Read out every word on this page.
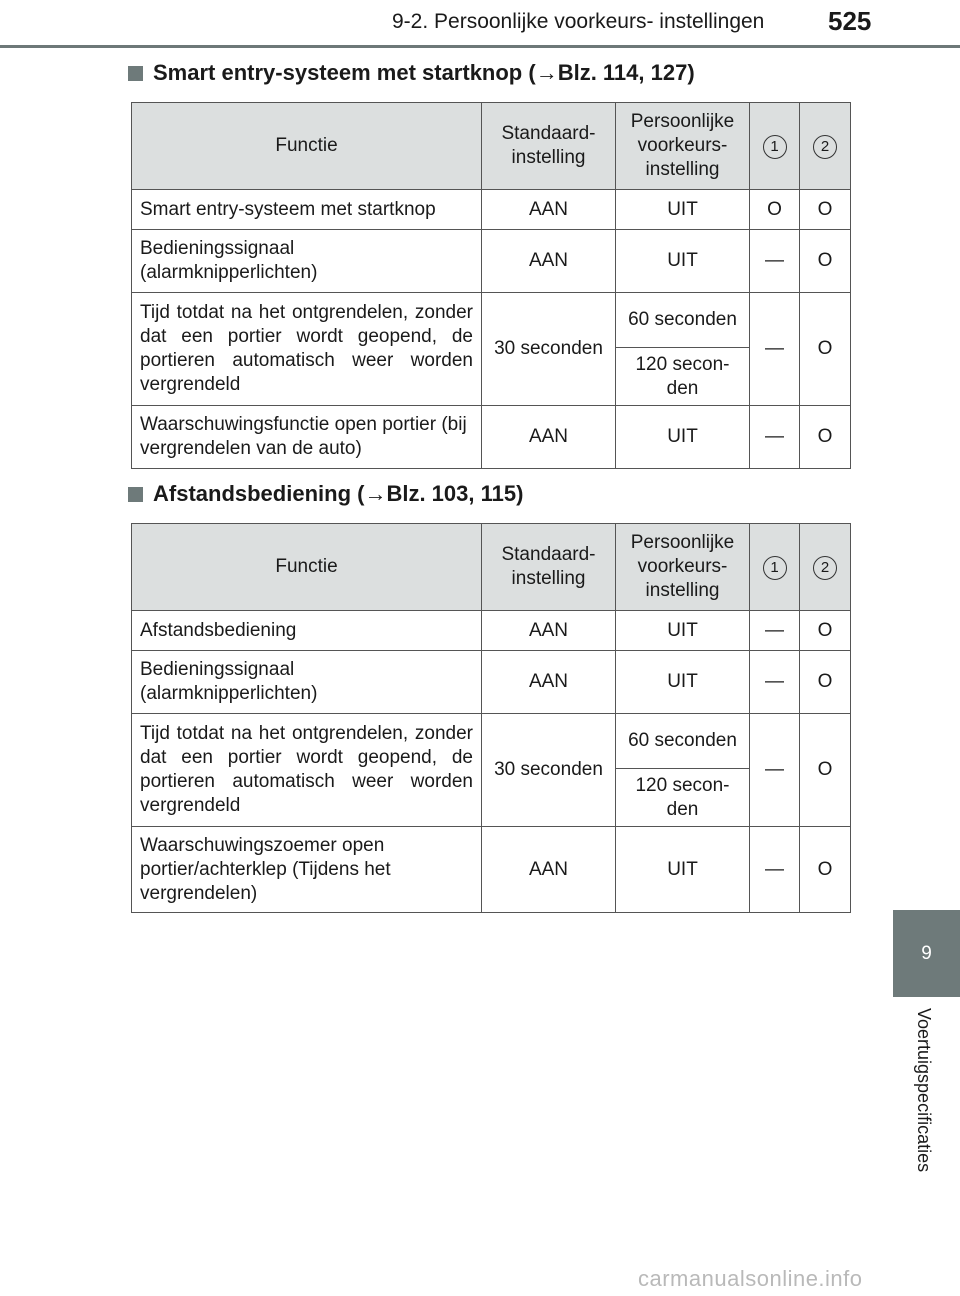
9-2. Persoonlijke voorkeurs- instellingen 525
Smart entry-systeem met startknop ( → Blz. 114, 127)
Functie	Standaard-instelling	Persoonlijke voorkeurs-instelling	1	2
Smart entry-systeem met startknop	AAN	UIT	O	O
Bedieningssignaal (alarmknipperlichten)	AAN	UIT	—	O
Tijd totdat na het ontgrendelen, zonder dat een portier wordt geopend, de portieren automatisch weer worden vergrendeld	30 seconden	60 seconden	—	O
		120 secon-den		
Waarschuwingsfunctie open portier (bij vergrendelen van de auto)	AAN	UIT	—	O
Afstandsbediening ( → Blz. 103, 115)
Functie	Standaard-instelling	Persoonlijke voorkeurs-instelling	1	2
Afstandsbediening	AAN	UIT	—	O
Bedieningssignaal (alarmknipperlichten)	AAN	UIT	—	O
Tijd totdat na het ontgrendelen, zonder dat een portier wordt geopend, de portieren automatisch weer worden vergrendeld	30 seconden	60 seconden	—	O
		120 secon-den		
Waarschuwingszoemer open portier/achterklep (Tijdens het vergrendelen)	AAN	UIT	—	O
9
Voertuigspecificaties
carmanualsonline.info
